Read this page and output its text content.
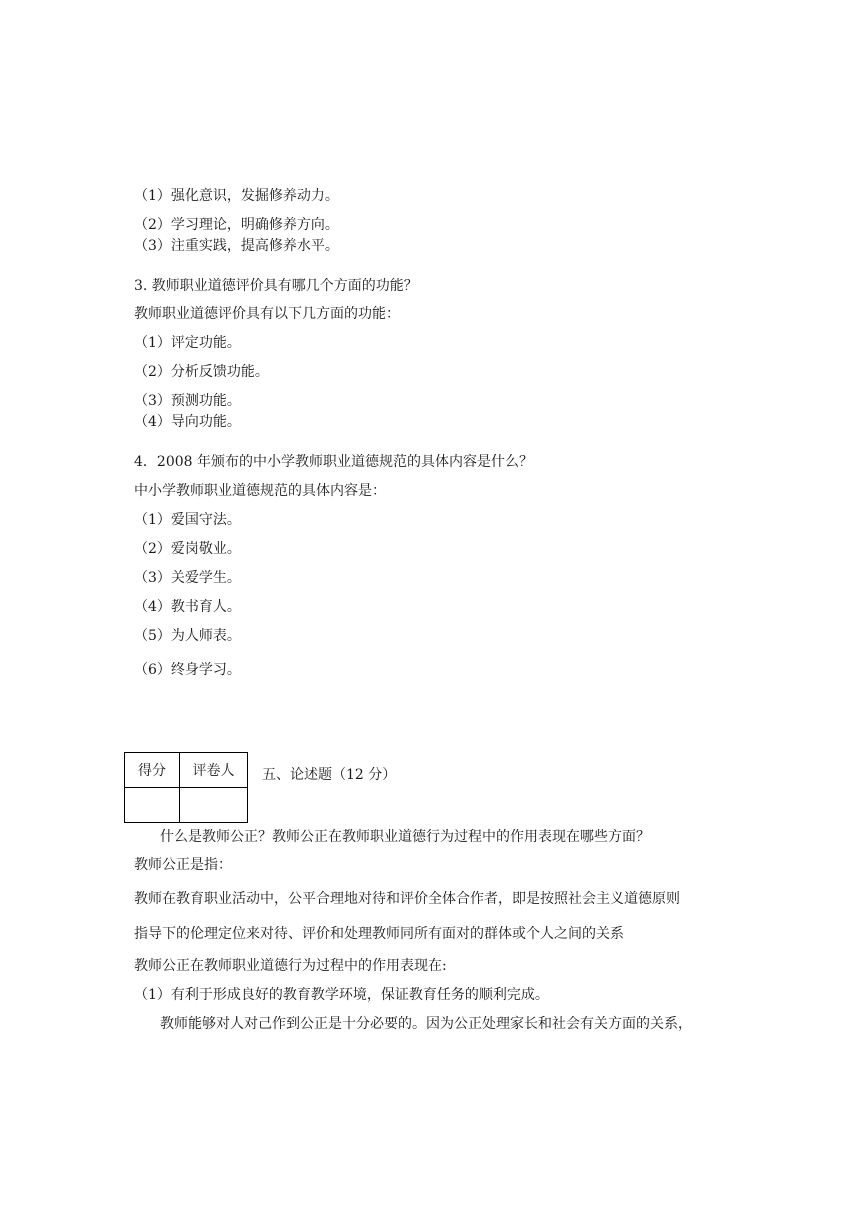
（1）强化意识，发掘修养动力。
（2）学习理论，明确修养方向。
（3）注重实践，提高修养水平。
3. 教师职业道德评价具有哪几个方面的功能？
教师职业道德评价具有以下几方面的功能：
（1）评定功能。
（2）分析反馈功能。
（3）预测功能。
（4）导向功能。
4．2008 年颁布的中小学教师职业道德规范的具体内容是什么？
中小学教师职业道德规范的具体内容是：
（1）爱国守法。
（2）爱岗敬业。
（3）关爱学生。
（4）教书育人。
（5）为人师表。
（6）终身学习。
得分	评卷人
	五、论述题（12 分）
什么是教师公正？教师公正在教师职业道德行为过程中的作用表现在哪些方面？
教师公正是指：
教师在教育职业活动中，公平合理地对待和评价全体合作者，即是按照社会主义道德原则
指导下的伦理定位来对待、评价和处理教师同所有面对的群体或个人之间的关系
教师公正在教师职业道德行为过程中的作用表现在:
（1）有利于形成良好的教育教学环境，保证教育任务的顺利完成。
教师能够对人对己作到公正是十分必要的。因为公正处理家长和社会有关方面的关系，
